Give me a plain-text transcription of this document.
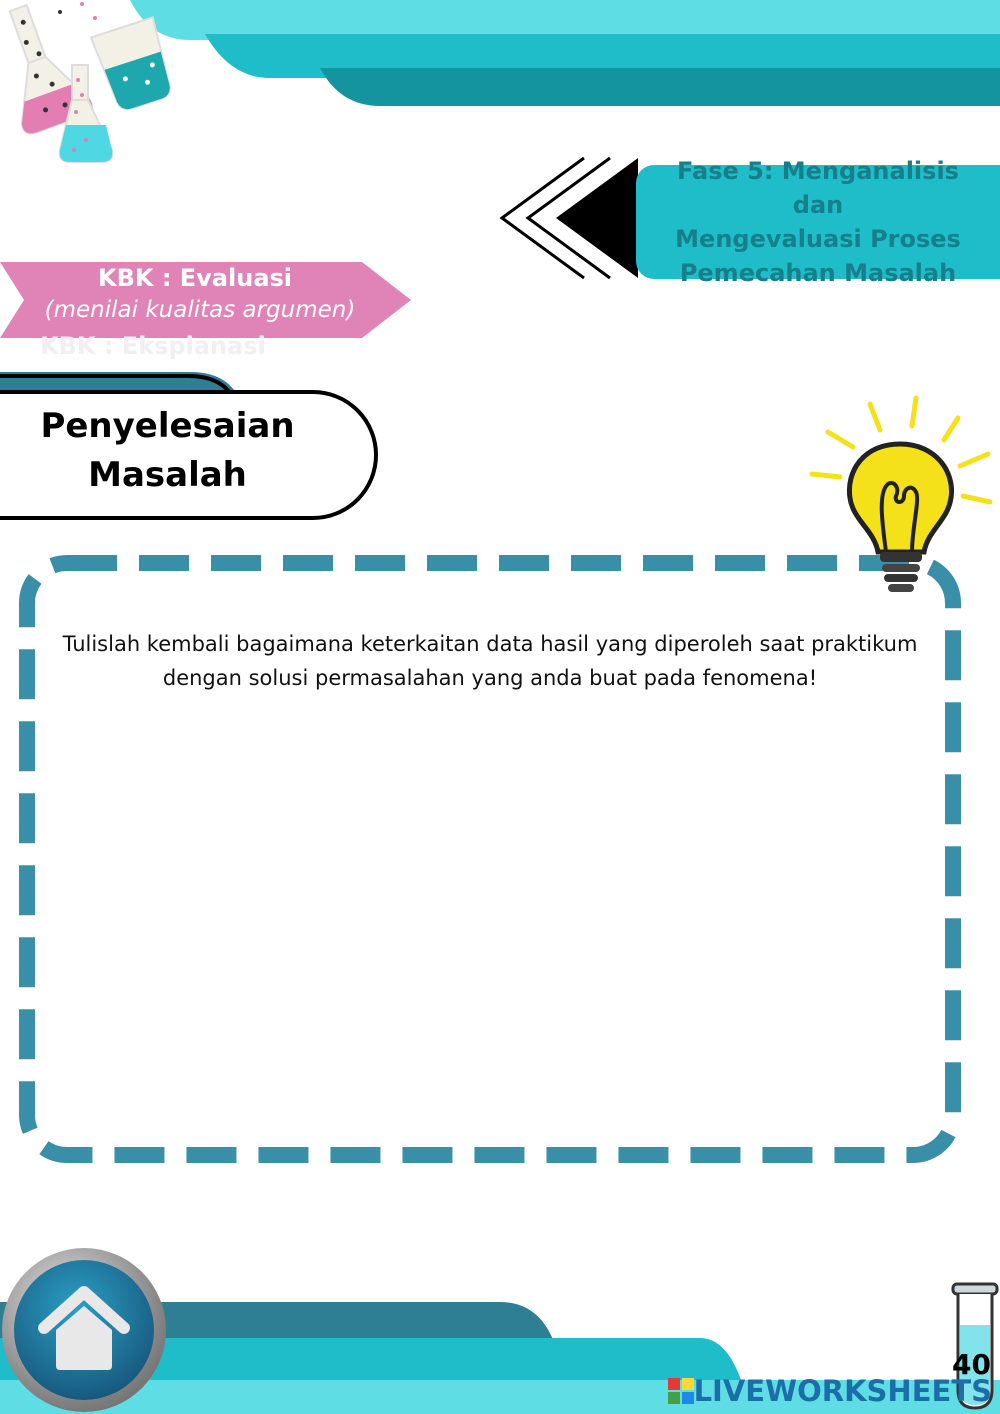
Fase 5: Menganalisis dan
Mengevaluasi Proses
Pemecahan Masalah
KBK : Eksplanasi
KBK : Evaluasi
(menilai kualitas argumen)
Penyelesaian
Masalah
Tulislah kembali bagaimana keterkaitan data hasil yang diperoleh saat praktikum
dengan solusi permasalahan yang anda buat pada fenomena!
40
LIVEWORKSHEETS
